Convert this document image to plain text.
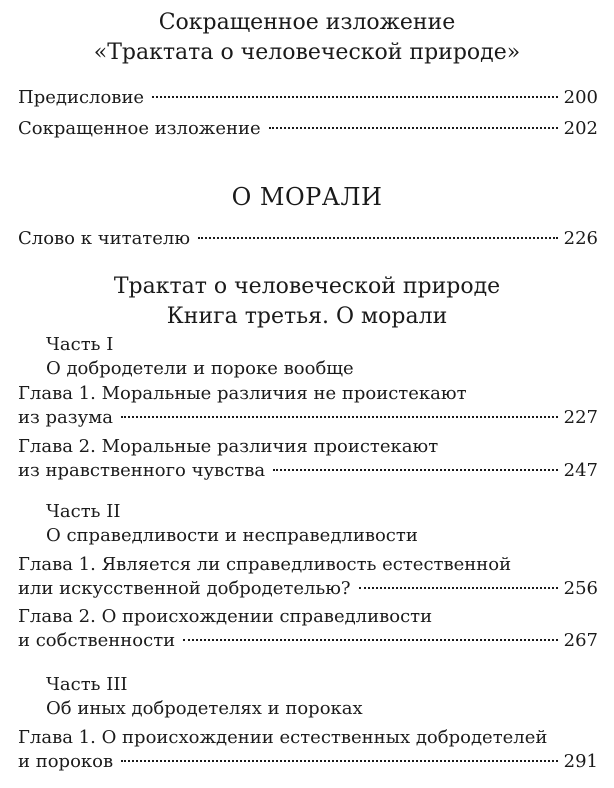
Сокращенное изложение
«Трактата о человеческой природе»
Предисловие	200
Сокращенное изложение	202
О МОРАЛИ
Слово к читателю	226
Трактат о человеческой природе
Книга третья. О морали
Часть I
О добродетели и пороке вообще
Глава 1. Моральные различия не проистекают
из разума	227
Глава 2. Моральные различия проистекают
из нравственного чувства	247
Часть II
О справедливости и несправедливости
Глава 1. Является ли справедливость естественной
или искусственной добродетелью?	256
Глава 2. О происхождении справедливости
и собственности	267
Часть III
Об иных добродетелях и пороках
Глава 1. О происхождении естественных добродетелей
и пороков	291
